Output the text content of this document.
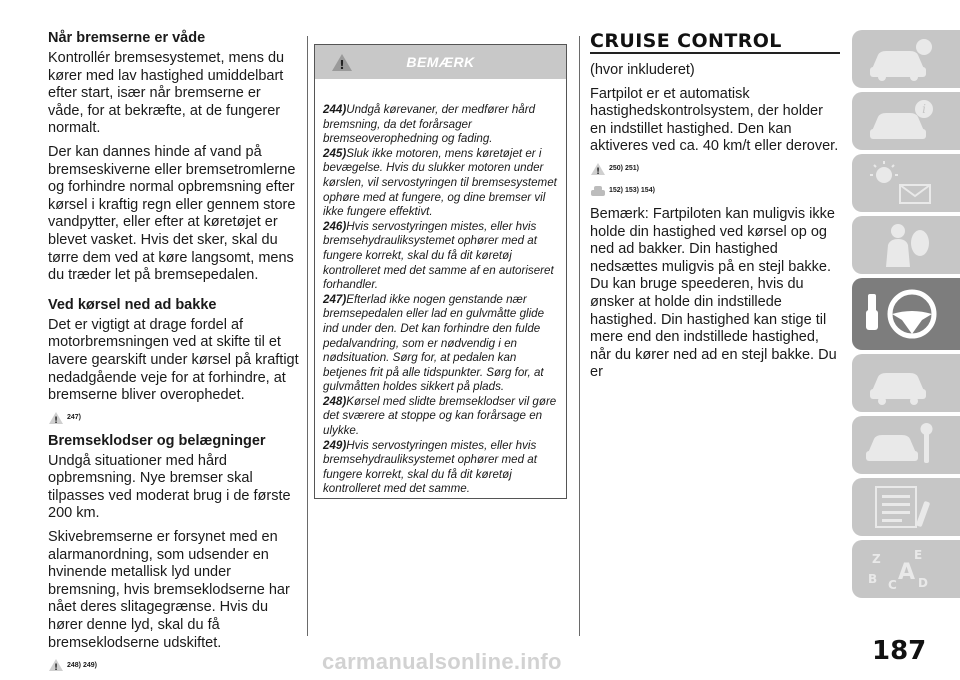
Når bremserne er våde

Kontrollér bremsesystemet, mens du kører med lav hastighed umiddelbart efter start, især når bremserne er våde, for at bekræfte, at de fungerer normalt.

Der kan dannes hinde af vand på bremseskiverne eller bremsetromlerne og forhindre normal opbremsning efter kørsel i kraftig regn eller gennem store vandpytter, eller efter at køretøjet er blevet vasket. Hvis det sker, skal du tørre dem ved at køre langsomt, mens du træder let på bremsepedalen.

Ved kørsel ned ad bakke

Det er vigtigt at drage fordel af motorbremsningen ved at skifte til et lavere gearskift under kørsel på kraftigt nedadgående veje for at forhindre, at bremserne bliver overophedet.

! 247)
Bremseklodser og belægninger

Undgå situationer med hård opbremsning. Nye bremser skal tilpasses ved moderat brug i de første 200 km.

Skivebremserne er forsynet med en alarmanordning, som udsender en hvinende metallisk lyd under bremsning, hvis bremseklodserne har nået deres slitagegrænse. Hvis du hører denne lyd, skal du få bremseklodserne udskiftet.

! 248) 249)
!	BEMÆRK

244)Undgå kørevaner, der medfører hård bremsning, da det forårsager bremseoverophedning og fading.

245)Sluk ikke motoren, mens køretøjet er i bevægelse. Hvis du slukker motoren under kørslen, vil servostyringen til bremsesystemet ophøre med at fungere, og dine bremser vil ikke fungere effektivt.

246)Hvis servostyringen mistes, eller hvis bremsehydrauliksystemet ophører med at fungere korrekt, skal du få dit køretøj kontrolleret med det samme af en autoriseret forhandler.

247)Efterlad ikke nogen genstande nær bremsepedalen eller lad en gulvmåtte glide ind under den. Det kan forhindre den fulde pedalvandring, som er nødvendig i en nødsituation. Sørg for, at pedalen kan betjenes frit på alle tidspunkter. Sørg for, at gulvmåtten holdes sikkert på plads.

248)Kørsel med slidte bremseklodser vil gøre det sværere at stoppe og kan forårsage en ulykke.

249)Hvis servostyringen mistes, eller hvis bremsehydrauliksystemet ophører med at fungere korrekt, skal du få dit køretøj kontrolleret med det samme.

CRUISE CONTROL

(hvor inkluderet)

Fartpilot er et automatisk hastighedskontrolsystem, der holder en indstillet hastighed. Den kan aktiveres ved ca. 40 km/t eller derover.

! 250) 251)
152) 153) 154)

Bemærk: Fartpiloten kan muligvis ikke holde din hastighed ved kørsel op og ned ad bakker. Din hastighed nedsættes muligvis på en stejl bakke. Du kan bruge speederen, hvis du ønsker at holde din indstillede hastighed. Din hastighed kan stige til mere end den indstillede hastighed, når du kører ned ad en stejl bakke. Du er

i
Z	E
B	D
C A
187
carmanualsonline.info
